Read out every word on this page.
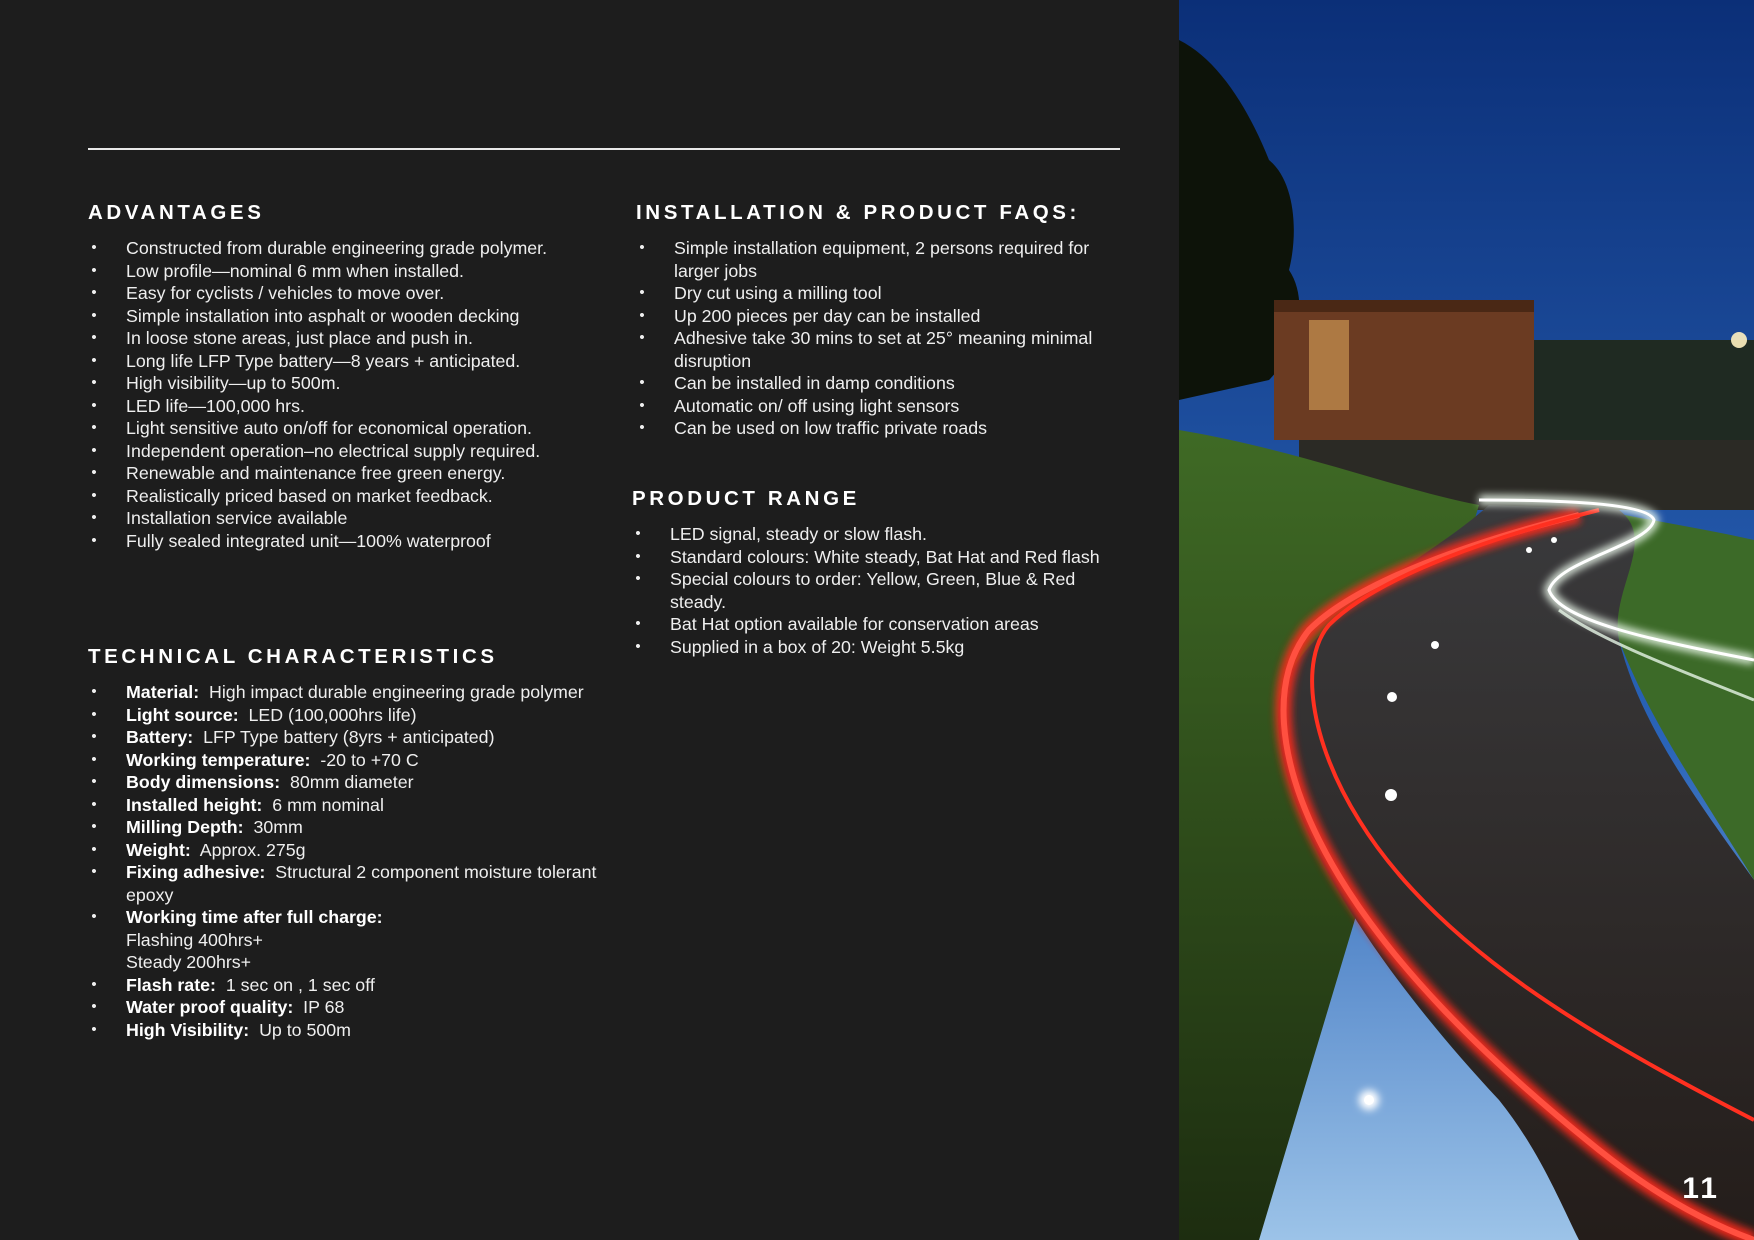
ADVANTAGES
• Constructed from durable engineering grade polymer.
• Low profile—nominal 6 mm when installed.
• Easy for cyclists / vehicles to move over.
• Simple installation into asphalt or wooden decking
• In loose stone areas, just place and push in.
• Long life LFP Type battery—8 years + anticipated.
• High visibility—up to 500m.
• LED life—100,000 hrs.
• Light sensitive auto on/off for economical operation.
• Independent operation–no electrical supply required.
• Renewable and maintenance free green energy.
• Realistically priced based on market feedback.
• Installation service available
• Fully sealed integrated unit—100% waterproof
TECHNICAL CHARACTERISTICS
• Material: High impact durable engineering grade polymer
• Light source: LED (100,000hrs life)
• Battery: LFP Type battery (8yrs + anticipated)
• Working temperature: -20 to +70 C
• Body dimensions: 80mm diameter
• Installed height: 6 mm nominal
• Milling Depth: 30mm
• Weight: Approx. 275g
• Fixing adhesive: Structural 2 component moisture tolerant epoxy
• Working time after full charge:
Flashing 400hrs+
Steady 200hrs+
• Flash rate: 1 sec on , 1 sec off
• Water proof quality: IP 68
• High Visibility: Up to 500m
INSTALLATION & PRODUCT FAQS:
• Simple installation equipment, 2 persons required for larger jobs
• Dry cut using a milling tool
• Up 200 pieces per day can be installed
• Adhesive take 30 mins to set at 25° meaning minimal disruption
• Can be installed in damp conditions
• Automatic on/ off using light sensors
• Can be used on low traffic private roads
PRODUCT RANGE
• LED signal, steady or slow flash.
• Standard colours: White steady, Bat Hat and Red flash
• Special colours to order: Yellow, Green, Blue & Red steady.
• Bat Hat option available for conservation areas
• Supplied in a box of 20: Weight 5.5kg
11
